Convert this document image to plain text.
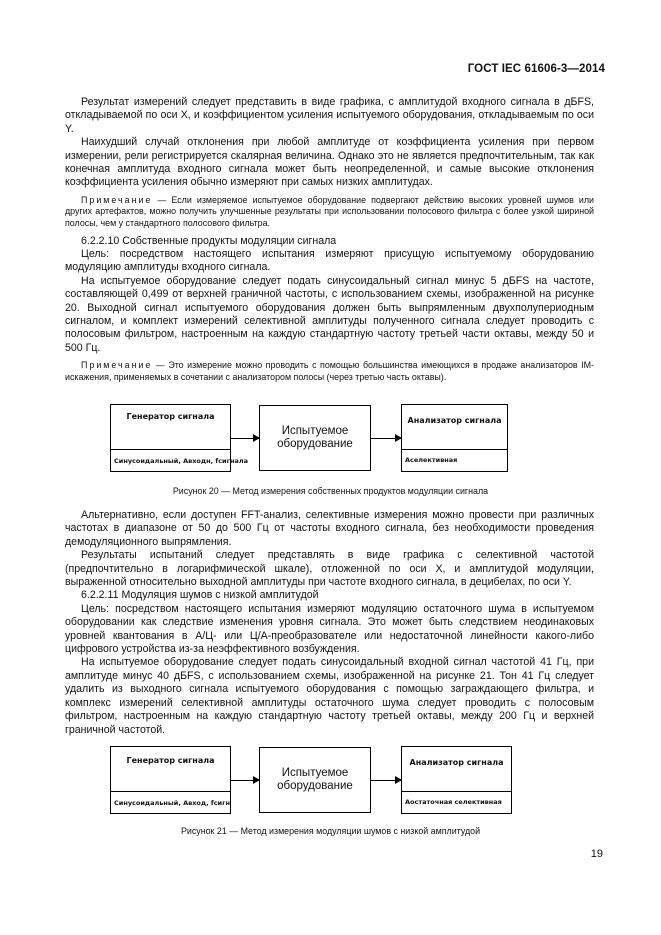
ГОСТ IEC 61606-3—2014

Результат измерений следует представить в виде графика, с амплитудой входного сигнала в дБFS, откладываемой по оси X, и коэффициентом усиления испытуемого оборудования, откладываемым по оси Y.

Наихудший случай отклонения при любой амплитуде от коэффициента усиления при первом измерении, рели регистрируется скалярная величина. Однако это не является предпочтительным, так как конечная амплитуда входного сигнала может быть неопределенной, и самые высокие отклонения коэффициента усиления обычно измеряют при самых низких амплитудах.

Примечание — Если измеряемое испытуемое оборудование подвергают действию высоких уровней шумов или других артефактов, можно получить улучшенные результаты при использовании полосового фильтра с более узкой шириной полосы, чем у стандартного полосового фильтра.

6.2.2.10 Собственные продукты модуляции сигнала

Цель: посредством настоящего испытания измеряют присущую испытуемому оборудованию модуляцию амплитуды входного сигнала.

На испытуемое оборудование следует подать синусоидальный сигнал минус 5 дБFS на частоте, составляющей 0,499 от верхней граничной частоты, с использованием схемы, изображенной на рисунке 20. Выходной сигнал испытуемого оборудования должен быть выпрямленным двухполупериодным сигналом, и комплект измерений селективной амплитуды полученного сигнала следует проводить с полосовым фильтром, настроенным на каждую стандартную частоту третьей части октавы, между 50 и 500 Гц.

Примечание — Это измерение можно проводить с помощью большинства имеющихся в продаже анализаторов IM-искажения, применяемых в сочетании с анализатором полосы (через третью часть октавы).

Генератор сигнала
Синусоидальный, Aвходн, fсигнала
Испытуемое оборудование
Анализатор сигнала
Aселективная
Рисунок 20 — Метод измерения собственных продуктов модуляции сигнала

Альтернативно, если доступен FFT-анализ, селективные измерения можно провести при различных частотах в диапазоне от 50 до 500 Гц от частоты входного сигнала, без необходимости проведения демодуляционного выпрямления.

Результаты испытаний следует представлять в виде графика с селективной частотой (предпочтительно в логарифмической шкале), отложенной по оси X, и амплитудой модуляции, выраженной относительно выходной амплитуды при частоте входного сигнала, в децибелах, по оси Y.

6.2.2.11 Модуляция шумов с низкой амплитудой

Цель: посредством настоящего испытания измеряют модуляцию остаточного шума в испытуемом оборудовании как следствие изменения уровня сигнала. Это может быть следствием неодинаковых уровней квантования в А/Ц- или Ц/А-преобразователе или недостаточной линейности какого-либо цифрового устройства из-за неэффективного возбуждения.

На испытуемое оборудование следует подать синусоидальный входной сигнал частотой 41 Гц, при амплитуде минус 40 дБFS, с использованием схемы, изображенной на рисунке 21. Тон 41 Гц следует удалить из выходного сигнала испытуемого оборудования с помощью заграждающего фильтра, и комплекс измерений селективной амплитуды остаточного шума следует проводить с полосовым фильтром, настроенным на каждую стандартную частоту третьей октавы, между 200 Гц и верхней граничной частотой.

Генератор сигнала
Синусоидальный, Aвход, fсигн
Испытуемое оборудование
Анализатор сигнала
Aостаточная селективная
Рисунок 21 — Метод измерения модуляции шумов с низкой амплитудой
19
